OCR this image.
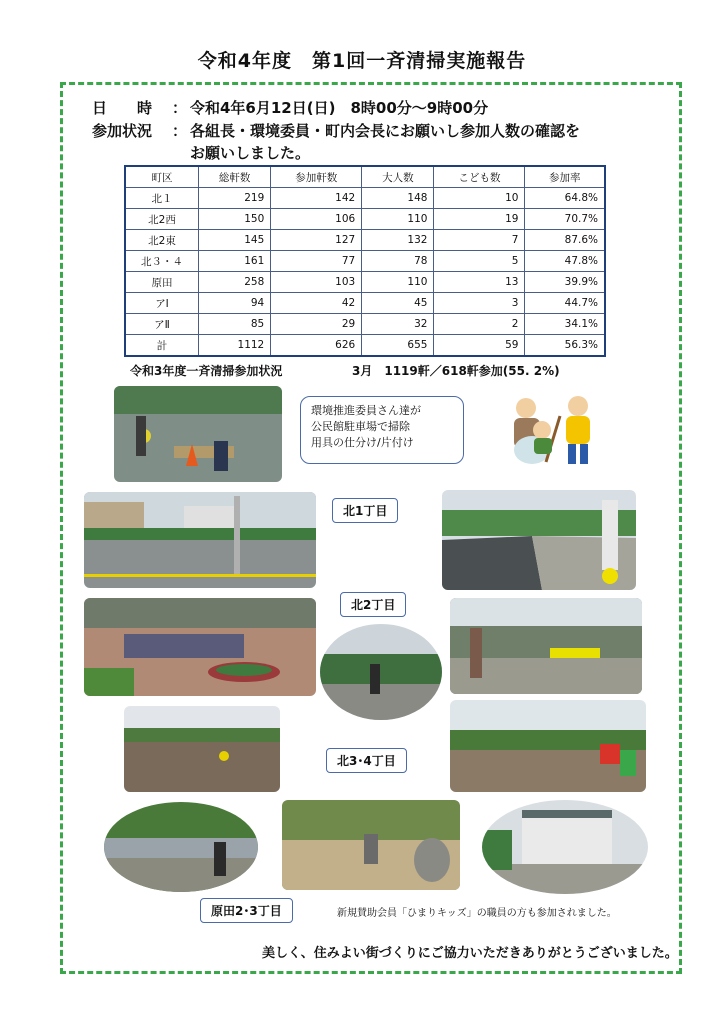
令和4年度　第1回一斉清掃実施報告
日　　時 ： 令和4年6月12日(日)　8時00分～9時00分
参加状況 ： 各組長・環境委員・町内会長にお願いし参加人数の確認を
お願いしました。
町区	総軒数	参加軒数	大人数	こども数	参加率
北１	219	142	148	10	64.8%
北2西	150	106	110	19	70.7%
北2東	145	127	132	7	87.6%
北３・４	161	77	78	5	47.8%
原田	258	103	110	13	39.9%
アⅠ	94	42	45	3	44.7%
アⅡ	85	29	32	2	34.1%
計	1112	626	655	59	56.3%
令和3年度一斉清掃参加状況	3月　1119軒／618軒参加(55. 2%)
環境推進委員さん達が
公民館駐車場で掃除
用具の仕分け/片付け
北1丁目
北2丁目
北3･4丁目
原田2･3丁目	新規賛助会員「ひまりキッズ」の職員の方も参加されました。
美しく、住みよい街づくりにご協力いただきありがとうございました。
